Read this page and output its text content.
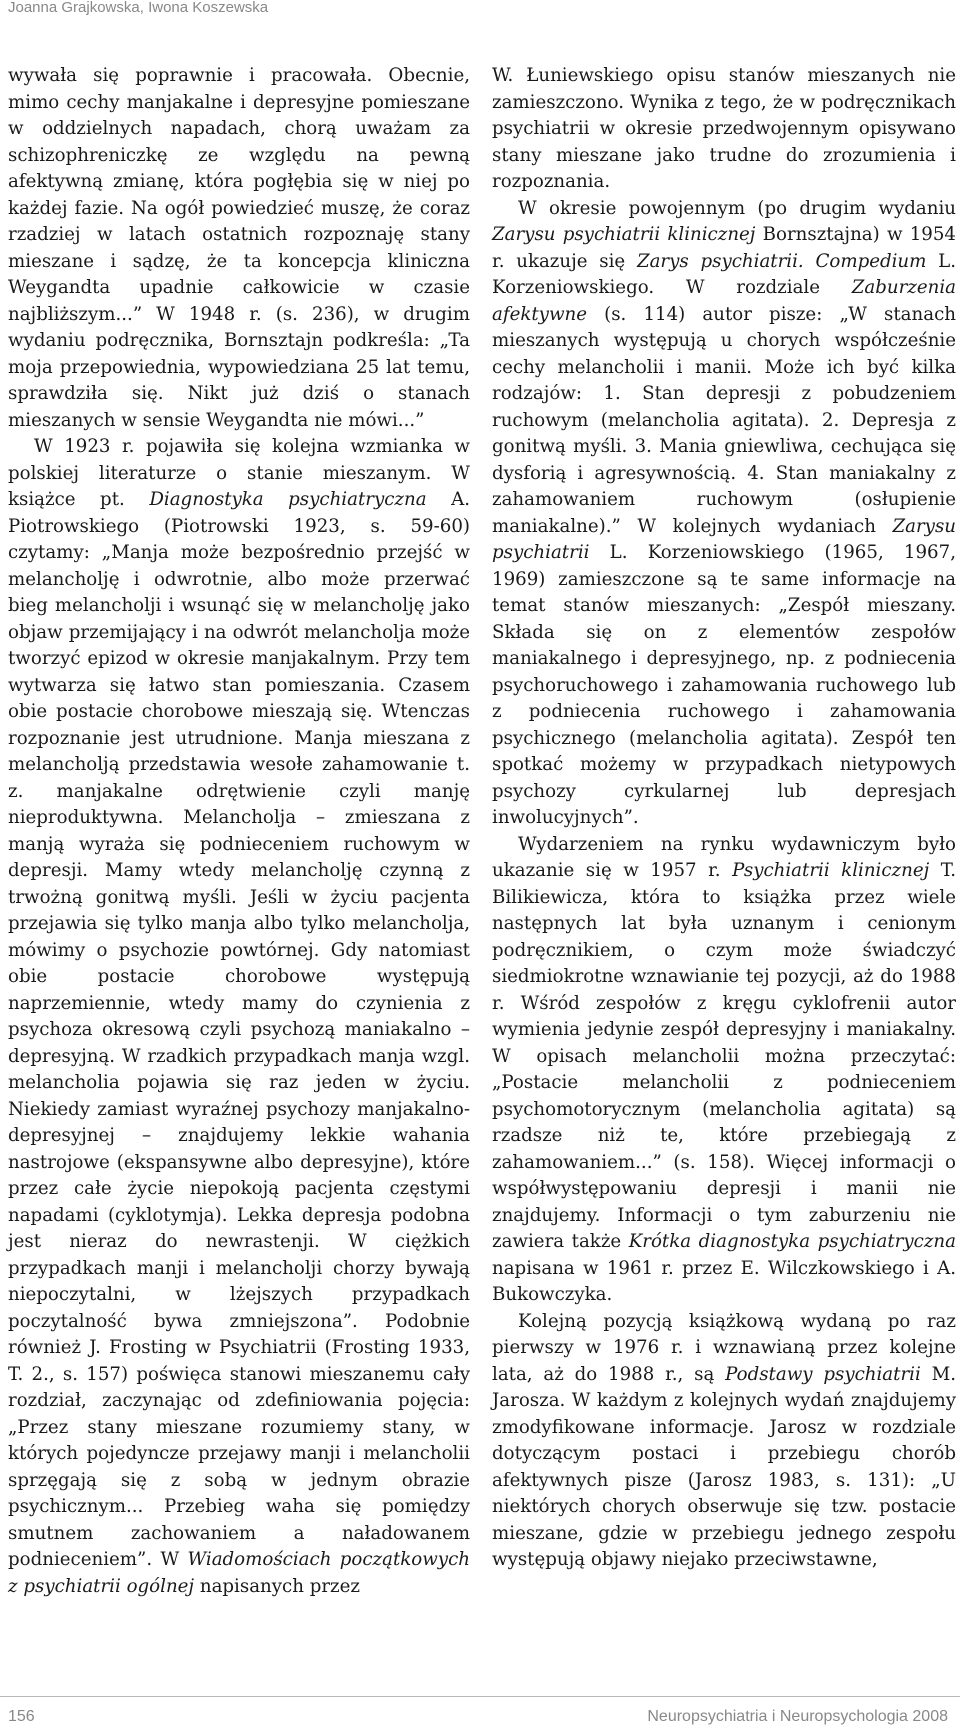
Joanna Grajkowska, Iwona Koszewska

wywała się poprawnie i pracowała. Obecnie, mimo cechy manjakalne i depresyjne pomieszane w oddzielnych napadach, chorą uważam za schizophreniczkę ze względu na pewną afektywną zmianę, która pogłębia się w niej po każdej fazie. Na ogół powiedzieć muszę, że coraz rzadziej w latach ostatnich rozpoznaję stany mieszane i sądzę, że ta koncepcja kliniczna Weygandta upadnie całkowicie w czasie najbliższym...” W 1948 r. (s. 236), w drugim wydaniu podręcznika, Bornsztajn podkreśla: „Ta moja przepowiednia, wypowiedziana 25 lat temu, sprawdziła się. Nikt już dziś o stanach mieszanych w sensie Weygandta nie mówi...”

W 1923 r. pojawiła się kolejna wzmianka w polskiej literaturze o stanie mieszanym. W książce pt. Diagnostyka psychiatryczna A. Piotrowskiego (Piotrowski 1923, s. 59-60) czytamy: „Manja może bezpośrednio przejść w melancholję i odwrotnie, albo może przerwać bieg melancholji i wsunąć się w melancholję jako objaw przemijający i na odwrót melancholja może tworzyć epizod w okresie manjakalnym. Przy tem wytwarza się łatwo stan pomieszania. Czasem obie postacie chorobowe mieszają się. Wtenczas rozpoznanie jest utrudnione. Manja mieszana z melancholją przedstawia wesołe zahamowanie t. z. manjakalne odrętwienie czyli manję nieproduktywna. Melancholja – zmieszana z manją wyraża się podnieceniem ruchowym w depresji. Mamy wtedy melancholję czynną z trwożną gonitwą myśli. Jeśli w życiu pacjenta przejawia się tylko manja albo tylko melancholja, mówimy o psychozie powtórnej. Gdy natomiast obie postacie chorobowe występują naprzemiennie, wtedy mamy do czynienia z psychoza okresową czyli psychozą maniakalno – depresyjną. W rzadkich przypadkach manja wzgl. melancholia pojawia się raz jeden w życiu. Niekiedy zamiast wyraźnej psychozy manjakalno-depresyjnej – znajdujemy lekkie wahania nastrojowe (ekspansywne albo depresyjne), które przez całe życie niepokoją pacjenta częstymi napadami (cyklotymja). Lekka depresja podobna jest nieraz do newrastenji. W ciężkich przypadkach manji i melancholji chorzy bywają niepoczytalni, w lżejszych przypadkach poczytalność bywa zmniejszona”. Podobnie również J. Frosting w Psychiatrii (Frosting 1933, T. 2., s. 157) poświęca stanowi mieszanemu cały rozdział, zaczynając od zdefiniowania pojęcia: „Przez stany mieszane rozumiemy stany, w których pojedyncze przejawy manji i melancholii sprzęgają się z sobą w jednym obrazie psychicznym... Przebieg waha się pomiędzy smutnem zachowaniem a naładowanem podnieceniem”. W Wiadomościach początkowych z psychiatrii ogólnej napisanych przez

W. Łuniewskiego opisu stanów mieszanych nie zamieszczono. Wynika z tego, że w podręcznikach psychiatrii w okresie przedwojennym opisywano stany mieszane jako trudne do zrozumienia i rozpoznania.

W okresie powojennym (po drugim wydaniu Zarysu psychiatrii klinicznej Bornsztajna) w 1954 r. ukazuje się Zarys psychiatrii. Compedium L. Korzeniowskiego. W rozdziale Zaburzenia afektywne (s. 114) autor pisze: „W stanach mieszanych występują u chorych współcześnie cechy melancholii i manii. Może ich być kilka rodzajów: 1. Stan depresji z pobudzeniem ruchowym (melancholia agitata). 2. Depresja z gonitwą myśli. 3. Mania gniewliwa, cechująca się dysforią i agresywnością. 4. Stan maniakalny z zahamowaniem ruchowym (osłupienie maniakalne).” W kolejnych wydaniach Zarysu psychiatrii L. Korzeniowskiego (1965, 1967, 1969) zamieszczone są te same informacje na temat stanów mieszanych: „Zespół mieszany. Składa się on z elementów zespołów maniakalnego i depresyjnego, np. z podniecenia psychoruchowego i zahamowania ruchowego lub z podniecenia ruchowego i zahamowania psychicznego (melancholia agitata). Zespół ten spotkać możemy w przypadkach nietypowych psychozy cyrkularnej lub depresjach inwolucyjnych”.

Wydarzeniem na rynku wydawniczym było ukazanie się w 1957 r. Psychiatrii klinicznej T. Bilikiewicza, która to książka przez wiele następnych lat była uznanym i cenionym podręcznikiem, o czym może świadczyć siedmiokrotne wznawianie tej pozycji, aż do 1988 r. Wśród zespołów z kręgu cyklofrenii autor wymienia jedynie zespół depresyjny i maniakalny. W opisach melancholii można przeczytać: „Postacie melancholii z podnieceniem psychomotorycznym (melancholia agitata) są rzadsze niż te, które przebiegają z zahamowaniem...” (s. 158). Więcej informacji o współwystępowaniu depresji i manii nie znajdujemy. Informacji o tym zaburzeniu nie zawiera także Krótka diagnostyka psychiatryczna napisana w 1961 r. przez E. Wilczkowskiego i A. Bukowczyka.

Kolejną pozycją książkową wydaną po raz pierwszy w 1976 r. i wznawianą przez kolejne lata, aż do 1988 r., są Podstawy psychiatrii M. Jarosza. W każdym z kolejnych wydań znajdujemy zmodyfikowane informacje. Jarosz w rozdziale dotyczącym postaci i przebiegu chorób afektywnych pisze (Jarosz 1983, s. 131): „U niektórych chorych obserwuje się tzw. postacie mieszane, gdzie w przebiegu jednego zespołu występują objawy niejako przeciwstawne,

156	Neuropsychiatria i Neuropsychologia 2008
